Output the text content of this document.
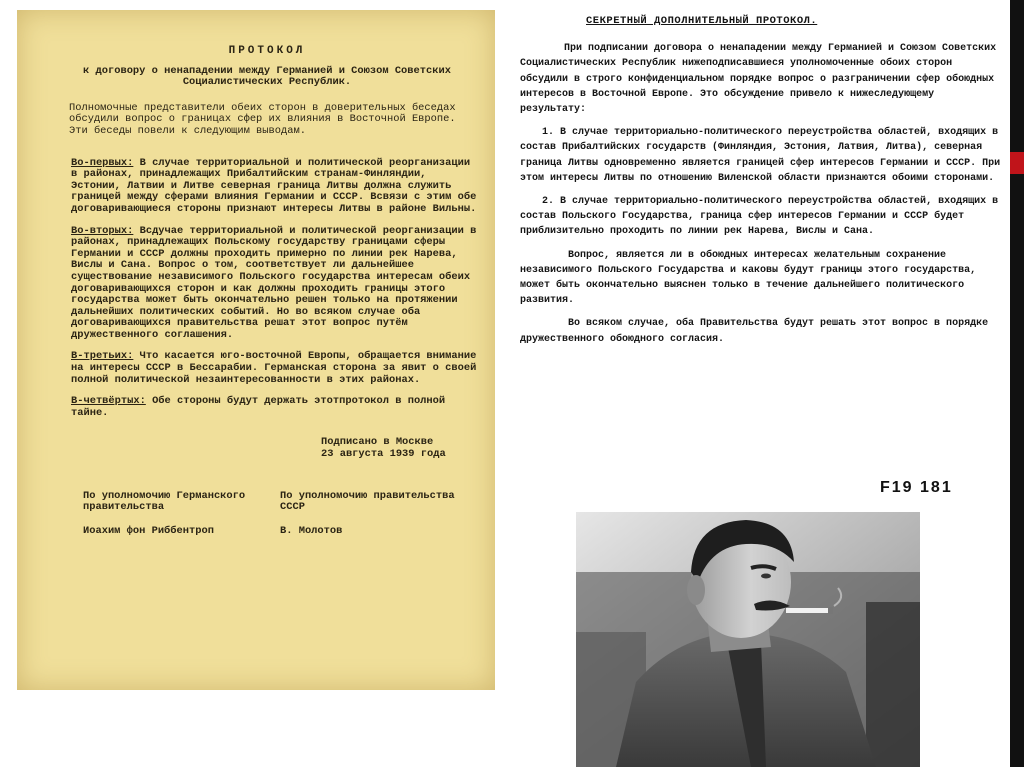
ПРОТОКОЛ
к договору о ненападении между Германией и Союзом Советских Социалистических Республик.

Полномочные представители обеих сторон в доверительных беседах обсудили вопрос о границах сфер их влияния в Восточной Европе. Эти беседы повели к следующим выводам.

Во-первых: В случае территориальной и политической реорганизации в районах, принадлежащих Прибалтийским странам-Финляндии, Эстонии, Латвии и Литве северная граница Литвы должна служить границей между сферами влияния Германии и СССР. Всвязи с этим обе договаривающиеся стороны признают интересы Литвы в районе Вильны.

Во-вторых: Всдучае территориальной и политической реорганизации в районах, принадлежащих Польскому государству границами сферы Германии и СССР должны проходить примерно по линии рек Нарева, Вислы и Сана. Вопрос о том, соответствует ли дальнейшее существование независимого Польского государства интересам обеих договаривающихся сторон и как должны проходить границы этого государства может быть окончательно решен только на протяжении дальнейших политических событий. Но во всяком случае оба договаривающихся правительства решат этот вопрос путём дружественного соглашения.

В-третьих: Что касается юго-восточной Европы, обращается внимание на интересы СССР в Бессарабии. Германская сторона за явит о своей полной политической незаинтересованности в этих районах.

В-четвёртых: Обе стороны будут держать этотпротокол в полной тайне.

Подписано в Москве
23 августа 1939 года

По уполномочию Германского правительства

Иоахим фон Риббентроп

По уполномочию правительства СССР

В. Молотов

СЕКРЕТНЫЙ ДОПОЛНИТЕЛЬНЫЙ ПРОТОКОЛ.

При подписании договора о ненападении между Германией и Союзом Советских Социалистических Республик нижеподписавшиеся уполномоченные обоих сторон обсудили в строго конфиденциальном порядке вопрос о разграничении сфер обоюдных интересов в Восточной Европе. Это обсуждение привело к нижеследующему результату:

1. В случае территориально-политического переустройства областей, входящих в состав Прибалтийских государств (Финляндия, Эстония, Латвия, Литва), северная граница Литвы одновременно является границей сфер интересов Германии и СССР. При этом интересы Литвы по отношению Виленской области признаются обоими сторонами.

2. В случае территориально-политического переустройства областей, входящих в состав Польского Государства, граница сфер интересов Германии и СССР будет приблизительно проходить по линии рек Нарева, Вислы и Сана.

Вопрос, является ли в обоюдных интересах желательным сохранение независимого Польского Государства и каковы будут границы этого государства, может быть окончательно выяснен только в течение дальнейшего политического развития.

Во всяком случае, оба Правительства будут решать этот вопрос в порядке дружественного обоюдного согласия.

F19 181
